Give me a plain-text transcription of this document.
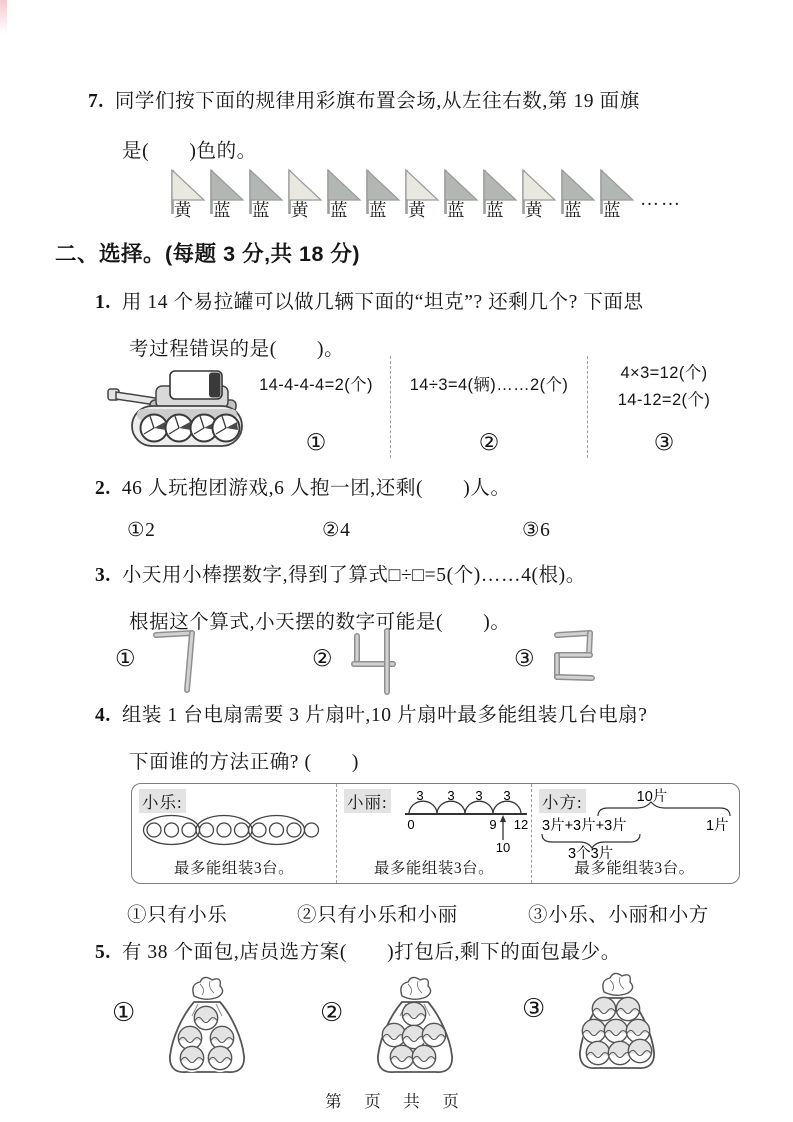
7. 同学们按下面的规律用彩旗布置会场,从左往右数,第 19 面旗
是(　　)色的。
黄 蓝 蓝 黄 蓝 蓝 黄 蓝 蓝 黄 蓝 蓝 ……
二、选择。(每题 3 分,共 18 分)
1. 用 14 个易拉罐可以做几辆下面的“坦克”? 还剩几个? 下面思
考过程错误的是(　　)。
14-4-4-4=2(个)
①
14÷3=4(辆)……2(个)
②
4×3=12(个)
14-12=2(个)
③
2. 46 人玩抱团游戏,6 人抱一团,还剩(　　)人。
①2	②4	③6
3. 小天用小棒摆数字,得到了算式□÷□=5(个)……4(根)。
根据这个算式,小天摆的数字可能是(　　)。
①	②	③
4. 组装 1 台电扇需要 3 片扇叶,10 片扇叶最多能组装几台电扇?
下面谁的方法正确? (　　)
小乐:
最多能组装3台。
小丽: 3 3 3 3
0	9 12
10
最多能组装3台。
小方:	10片
3片+3片+3片	1片
3个3片
最多能组装3台。
①只有小乐	②只有小乐和小丽	③小乐、小丽和小方
5. 有 38 个面包,店员选方案(　　)打包后,剩下的面包最少。
①	②	③
第 页 共 页
